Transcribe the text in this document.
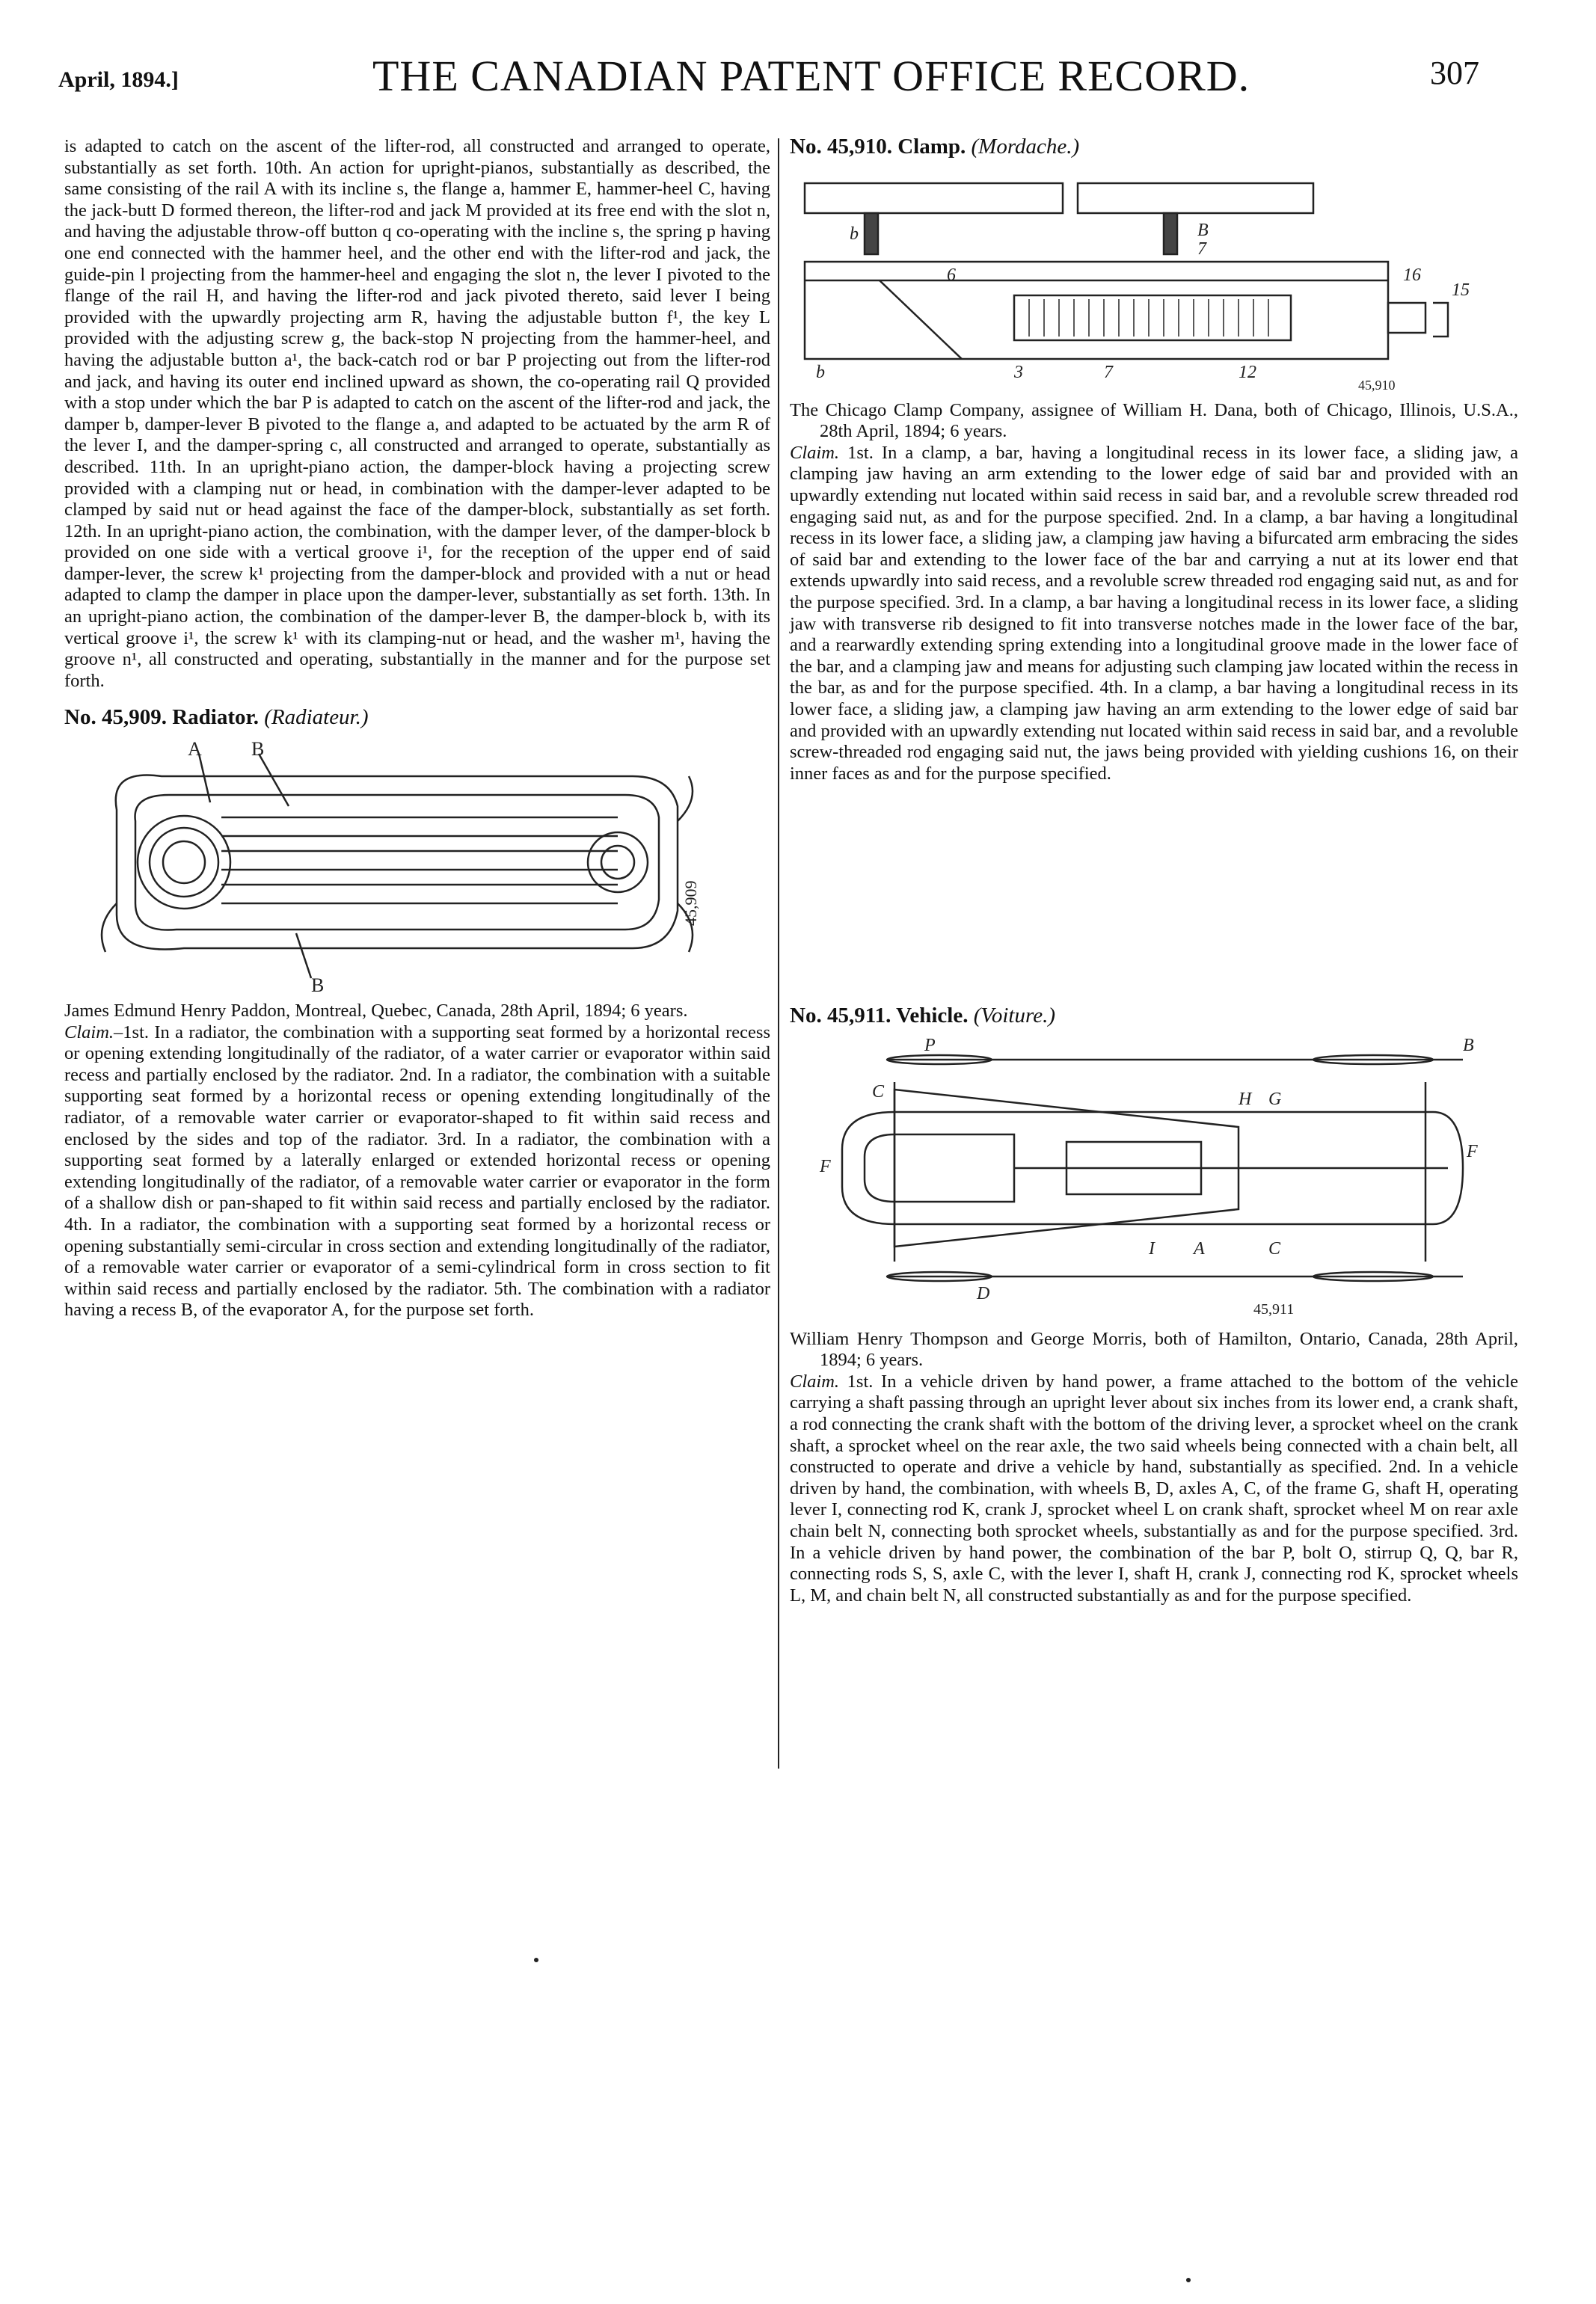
April, 1894.]	THE CANADIAN PATENT OFFICE RECORD.	307

is adapted to catch on the ascent of the lifter-rod, all constructed and arranged to operate, substantially as set forth. 10th. An action for upright-pianos, substantially as described, the same consisting of the rail A with its incline s, the flange a, hammer E, hammer-heel C, having the jack-butt D formed thereon, the lifter-rod and jack M provided at its free end with the slot n, and having the adjustable throw-off button q co-operating with the incline s, the spring p having one end connected with the hammer heel, and the other end with the lifter-rod and jack, the guide-pin l projecting from the hammer-heel and engaging the slot n, the lever I pivoted to the flange of the rail H, and having the lifter-rod and jack pivoted thereto, said lever I being provided with the upwardly projecting arm R, having the adjustable button f¹, the key L provided with the adjusting screw g, the back-stop N projecting from the hammer-heel, and having the adjustable button a¹, the back-catch rod or bar P projecting out from the lifter-rod and jack, and having its outer end inclined upward as shown, the co-operating rail Q provided with a stop under which the bar P is adapted to catch on the ascent of the lifter-rod and jack, the damper b, damper-lever B pivoted to the flange a, and adapted to be actuated by the arm R of the lever I, and the damper-spring c, all constructed and arranged to operate, substantially as described. 11th. In an upright-piano action, the damper-block having a projecting screw provided with a clamping nut or head, in combination with the damper-lever adapted to be clamped by said nut or head against the face of the damper-block, substantially as set forth. 12th. In an upright-piano action, the combination, with the damper lever, of the damper-block b provided on one side with a vertical groove i¹, for the reception of the upper end of said damper-lever, the screw k¹ projecting from the damper-block and provided with a nut or head adapted to clamp the damper in place upon the damper-lever, substantially as set forth. 13th. In an upright-piano action, the combination of the damper-lever B, the damper-block b, with its vertical groove i¹, the screw k¹ with its clamping-nut or head, and the washer m¹, having the groove n¹, all constructed and operating, substantially in the manner and for the purpose set forth.

No. 45,909. Radiator. (Radiateur.)

A	B
B
45,909

James Edmund Henry Paddon, Montreal, Quebec, Canada, 28th April, 1894; 6 years.

Claim.–1st. In a radiator, the combination with a supporting seat formed by a horizontal recess or opening extending longitudinally of the radiator, of a water carrier or evaporator within said recess and partially enclosed by the radiator. 2nd. In a radiator, the combination with a suitable supporting seat formed by a horizontal recess or opening extending longitudinally of the radiator, of a removable water carrier or evaporator-shaped to fit within said recess and enclosed by the sides and top of the radiator. 3rd. In a radiator, the combination with a supporting seat formed by a laterally enlarged or extended horizontal recess or opening extending longitudinally of the radiator, of a removable water carrier or evaporator in the form of a shallow dish or pan-shaped to fit within said recess and partially enclosed by the radiator. 4th. In a radiator, the combination with a supporting seat formed by a horizontal recess or opening substantially semi-circular in cross section and extending longitudinally of the radiator, of a removable water carrier or evaporator of a semi-cylindrical form in cross section to fit within said recess and partially enclosed by the radiator. 5th. The combination with a radiator having a recess B, of the evaporator A, for the purpose set forth.

No. 45,910. Clamp. (Mordache.)

b	B
7
6	16
15
b	3	7	12
45,910

The Chicago Clamp Company, assignee of William H. Dana, both of Chicago, Illinois, U.S.A., 28th April, 1894; 6 years.

Claim. 1st. In a clamp, a bar, having a longitudinal recess in its lower face, a sliding jaw, a clamping jaw having an arm extending to the lower edge of said bar and provided with an upwardly extending nut located within said recess in said bar, and a revoluble screw threaded rod engaging said nut, as and for the purpose specified. 2nd. In a clamp, a bar having a longitudinal recess in its lower face, a sliding jaw, a clamping jaw having a bifurcated arm embracing the sides of said bar and extending to the lower face of the bar and carrying a nut at its lower end that extends upwardly into said recess, and a revoluble screw threaded rod engaging said nut, as and for the purpose specified. 3rd. In a clamp, a bar having a longitudinal recess in its lower face, a sliding jaw with transverse rib designed to fit into transverse notches made in the lower face of the bar, and a rearwardly extending spring extending into a longitudinal groove made in the lower face of the bar, and a clamping jaw and means for adjusting such clamping jaw located within the recess in the bar, as and for the purpose specified. 4th. In a clamp, a bar having a longitudinal recess in its lower face, a sliding jaw, a clamping jaw having an arm extending to the lower edge of said bar and provided with an upwardly extending nut located within said recess in said bar, and a revoluble screw-threaded rod engaging said nut, the jaws being provided with yielding cushions 16, on their inner faces as and for the purpose specified.

No. 45,911. Vehicle. (Voiture.)

P	B
C
F
H G
F
I A	C
D
45,911

William Henry Thompson and George Morris, both of Hamilton, Ontario, Canada, 28th April, 1894; 6 years.

Claim. 1st. In a vehicle driven by hand power, a frame attached to the bottom of the vehicle carrying a shaft passing through an upright lever about six inches from its lower end, a crank shaft, a rod connecting the crank shaft with the bottom of the driving lever, a sprocket wheel on the crank shaft, a sprocket wheel on the rear axle, the two said wheels being connected with a chain belt, all constructed to operate and drive a vehicle by hand, substantially as specified. 2nd. In a vehicle driven by hand, the combination, with wheels B, D, axles A, C, of the frame G, shaft H, operating lever I, connecting rod K, crank J, sprocket wheel L on crank shaft, sprocket wheel M on rear axle chain belt N, connecting both sprocket wheels, substantially as and for the purpose specified. 3rd. In a vehicle driven by hand power, the combination of the bar P, bolt O, stirrup Q, Q, bar R, connecting rods S, S, axle C, with the lever I, shaft H, crank J, connecting rod K, sprocket wheels L, M, and chain belt N, all constructed substantially as and for the purpose specified.
